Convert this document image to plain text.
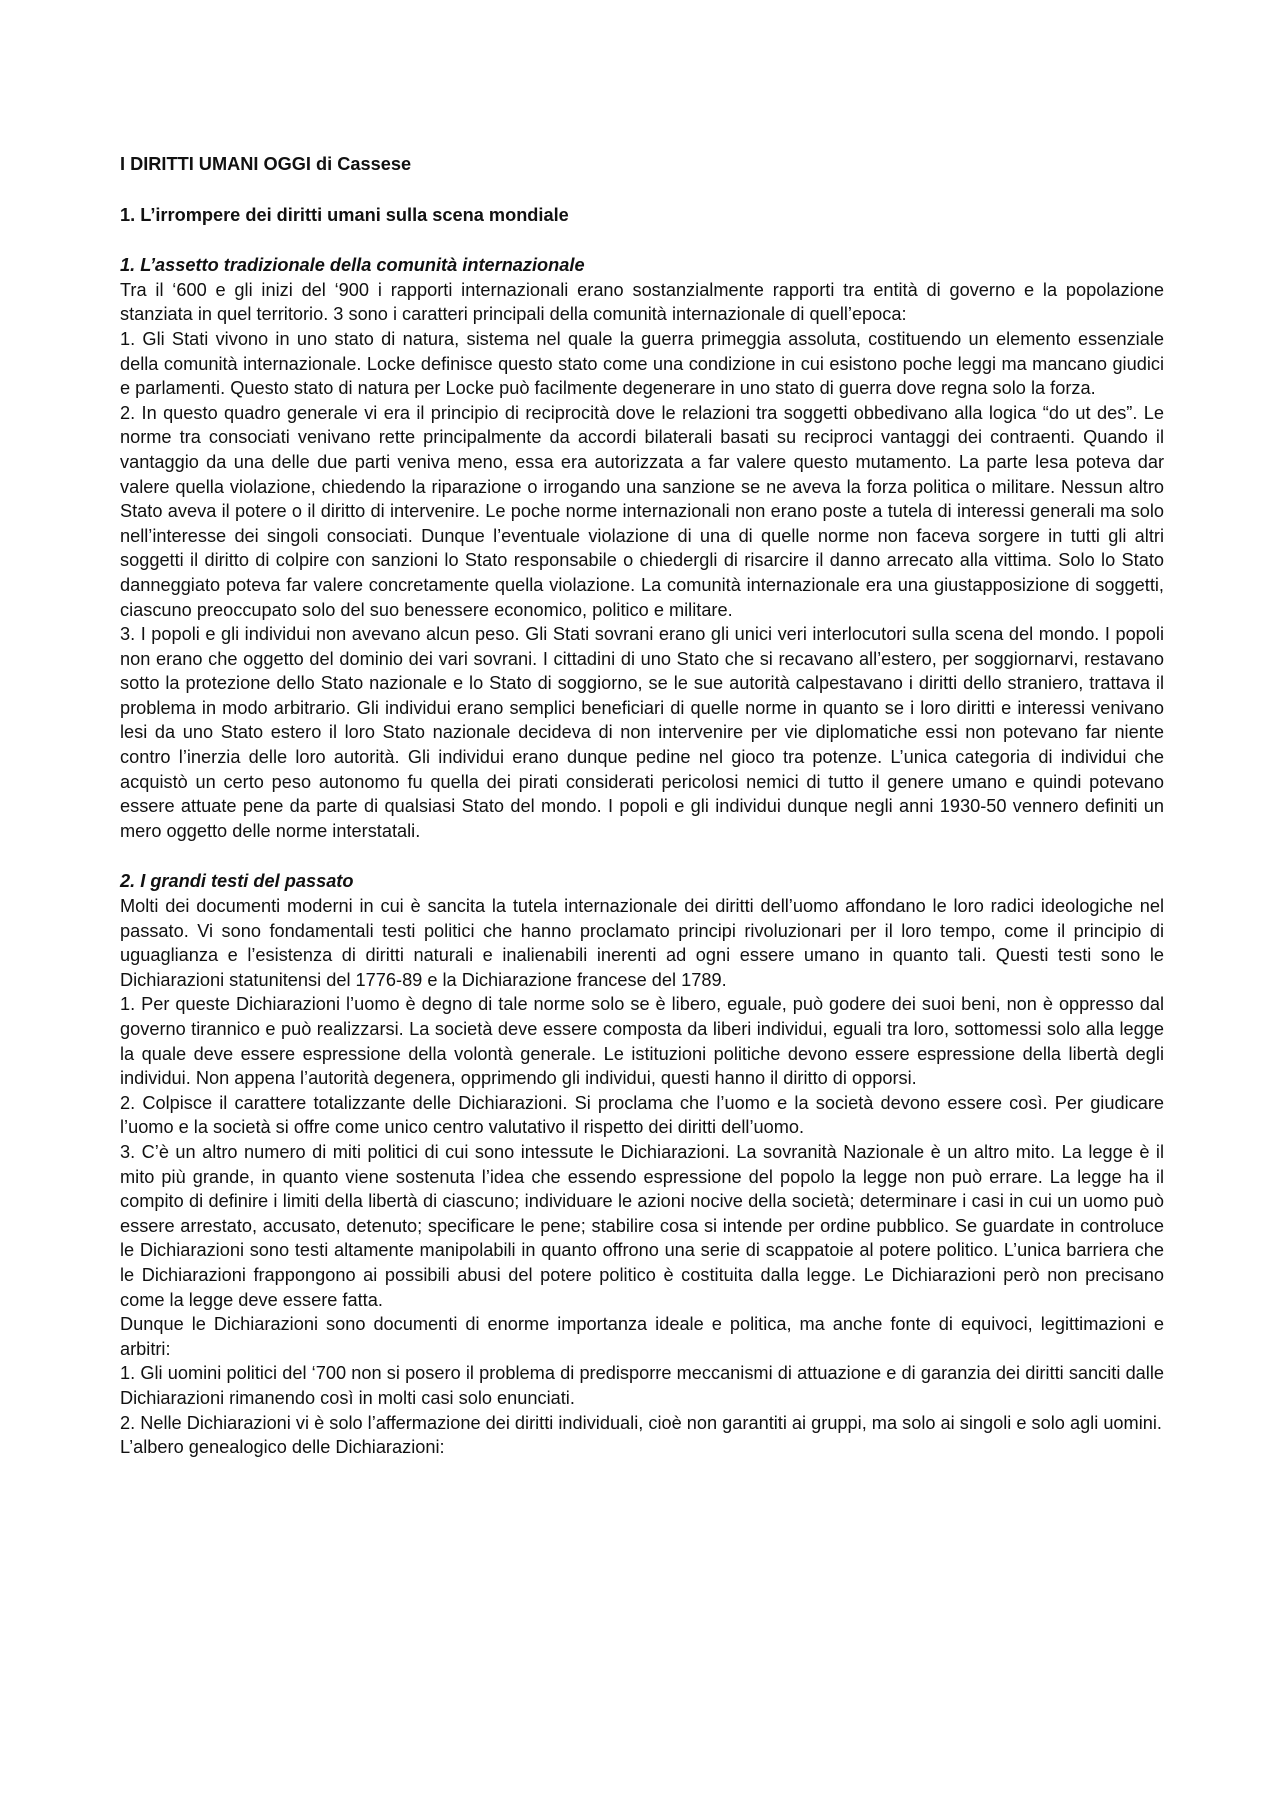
I DIRITTI UMANI OGGI di Cassese

1. L’irrompere dei diritti umani sulla scena mondiale

1. L’assetto tradizionale della comunità internazionale

Tra il ‘600 e gli inizi del ‘900 i rapporti internazionali erano sostanzialmente rapporti tra entità di governo e la popolazione stanziata in quel territorio. 3 sono i caratteri principali della comunità internazionale di quell’epoca:

1. Gli Stati vivono in uno stato di natura, sistema nel quale la guerra primeggia assoluta, costituendo un elemento essenziale della comunità internazionale. Locke definisce questo stato come una condizione in cui esistono poche leggi ma mancano giudici e parlamenti. Questo stato di natura per Locke può facilmente degenerare in uno stato di guerra dove regna solo la forza.

2. In questo quadro generale vi era il principio di reciprocità dove le relazioni tra soggetti obbedivano alla logica “do ut des”. Le norme tra consociati venivano rette principalmente da accordi bilaterali basati su reciproci vantaggi dei contraenti. Quando il vantaggio da una delle due parti veniva meno, essa era autorizzata a far valere questo mutamento. La parte lesa poteva dar valere quella violazione, chiedendo la riparazione o irrogando una sanzione se ne aveva la forza politica o militare. Nessun altro Stato aveva il potere o il diritto di intervenire. Le poche norme internazionali non erano poste a tutela di interessi generali ma solo nell’interesse dei singoli consociati. Dunque l’eventuale violazione di una di quelle norme non faceva sorgere in tutti gli altri soggetti il diritto di colpire con sanzioni lo Stato responsabile o chiedergli di risarcire il danno arrecato alla vittima. Solo lo Stato danneggiato poteva far valere concretamente quella violazione. La comunità internazionale era una giustapposizione di soggetti, ciascuno preoccupato solo del suo benessere economico, politico e militare.

3. I popoli e gli individui non avevano alcun peso. Gli Stati sovrani erano gli unici veri interlocutori sulla scena del mondo. I popoli non erano che oggetto del dominio dei vari sovrani. I cittadini di uno Stato che si recavano all’estero, per soggiornarvi, restavano sotto la protezione dello Stato nazionale e lo Stato di soggiorno, se le sue autorità calpestavano i diritti dello straniero, trattava il problema in modo arbitrario. Gli individui erano semplici beneficiari di quelle norme in quanto se i loro diritti e interessi venivano lesi da uno Stato estero il loro Stato nazionale decideva di non intervenire per vie diplomatiche essi non potevano far niente contro l’inerzia delle loro autorità. Gli individui erano dunque pedine nel gioco tra potenze. L’unica categoria di individui che acquistò un certo peso autonomo fu quella dei pirati considerati pericolosi nemici di tutto il genere umano e quindi potevano essere attuate pene da parte di qualsiasi Stato del mondo. I popoli e gli individui dunque negli anni 1930-50 vennero definiti un mero oggetto delle norme interstatali.

2. I grandi testi del passato

Molti dei documenti moderni in cui è sancita la tutela internazionale dei diritti dell’uomo affondano le loro radici ideologiche nel passato. Vi sono fondamentali testi politici che hanno proclamato principi rivoluzionari per il loro tempo, come il principio di uguaglianza e l’esistenza di diritti naturali e inalienabili inerenti ad ogni essere umano in quanto tali. Questi testi sono le Dichiarazioni statunitensi del 1776-89 e la Dichiarazione francese del 1789.

1. Per queste Dichiarazioni l’uomo è degno di tale norme solo se è libero, eguale, può godere dei suoi beni, non è oppresso dal governo tirannico e può realizzarsi. La società deve essere composta da liberi individui, eguali tra loro, sottomessi solo alla legge la quale deve essere espressione della volontà generale. Le istituzioni politiche devono essere espressione della libertà degli individui. Non appena l’autorità degenera, opprimendo gli individui, questi hanno il diritto di opporsi.

2. Colpisce il carattere totalizzante delle Dichiarazioni. Si proclama che l’uomo e la società devono essere così. Per giudicare l’uomo e la società si offre come unico centro valutativo il rispetto dei diritti dell’uomo.

3. C’è un altro numero di miti politici di cui sono intessute le Dichiarazioni. La sovranità Nazionale è un altro mito. La legge è il mito più grande, in quanto viene sostenuta l’idea che essendo espressione del popolo la legge non può errare. La legge ha il compito di definire i limiti della libertà di ciascuno; individuare le azioni nocive della società; determinare i casi in cui un uomo può essere arrestato, accusato, detenuto; specificare le pene; stabilire cosa si intende per ordine pubblico. Se guardate in controluce le Dichiarazioni sono testi altamente manipolabili in quanto offrono una serie di scappatoie al potere politico. L’unica barriera che le Dichiarazioni frappongono ai possibili abusi del potere politico è costituita dalla legge. Le Dichiarazioni però non precisano come la legge deve essere fatta.

Dunque le Dichiarazioni sono documenti di enorme importanza ideale e politica, ma anche fonte di equivoci, legittimazioni e arbitri:

1. Gli uomini politici del ‘700 non si posero il problema di predisporre meccanismi di attuazione e di garanzia dei diritti sanciti dalle Dichiarazioni rimanendo così in molti casi solo enunciati.

2. Nelle Dichiarazioni vi è solo l’affermazione dei diritti individuali, cioè non garantiti ai gruppi, ma solo ai singoli e solo agli uomini.

L’albero genealogico delle Dichiarazioni:
